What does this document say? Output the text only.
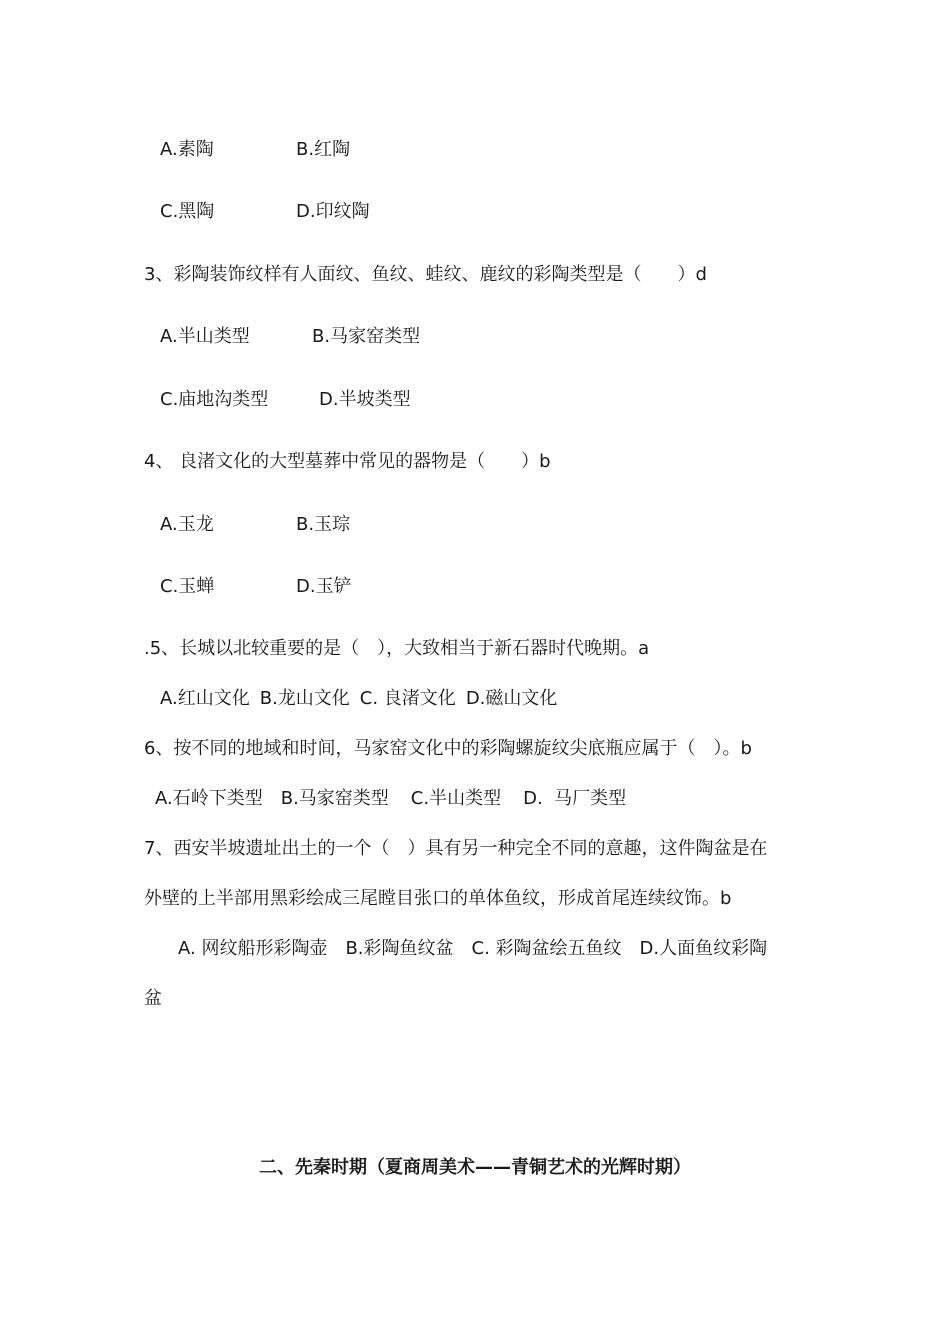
A.素陶	B.红陶
C.黑陶	D.印纹陶
3、彩陶装饰纹样有人面纹、鱼纹、蛙纹、鹿纹的彩陶类型是（　　）d
A.半山类型	B.马家窑类型
C.庙地沟类型	D.半坡类型
4、 良渚文化的大型墓葬中常见的器物是（　　）b
A.玉龙	B.玉琮
C.玉蝉	D.玉铲
.5、长城以北较重要的是（　），大致相当于新石器时代晚期。a
A.红山文化 B.龙山文化 C. 良渚文化 D.磁山文化
6、按不同的地域和时间，马家窑文化中的彩陶螺旋纹尖底瓶应属于（　）。b
A.石岭下类型 B.马家窑类型 C.半山类型 D.  马厂类型
7、西安半坡遗址出土的一个（　）具有另一种完全不同的意趣，这件陶盆是在
外壁的上半部用黑彩绘成三尾瞠目张口的单体鱼纹，形成首尾连续纹饰。b
A. 网纹船形彩陶壶 B.彩陶鱼纹盆 C. 彩陶盆绘五鱼纹 D.人面鱼纹彩陶
盆
二、先秦时期（夏商周美术——青铜艺术的光辉时期）
